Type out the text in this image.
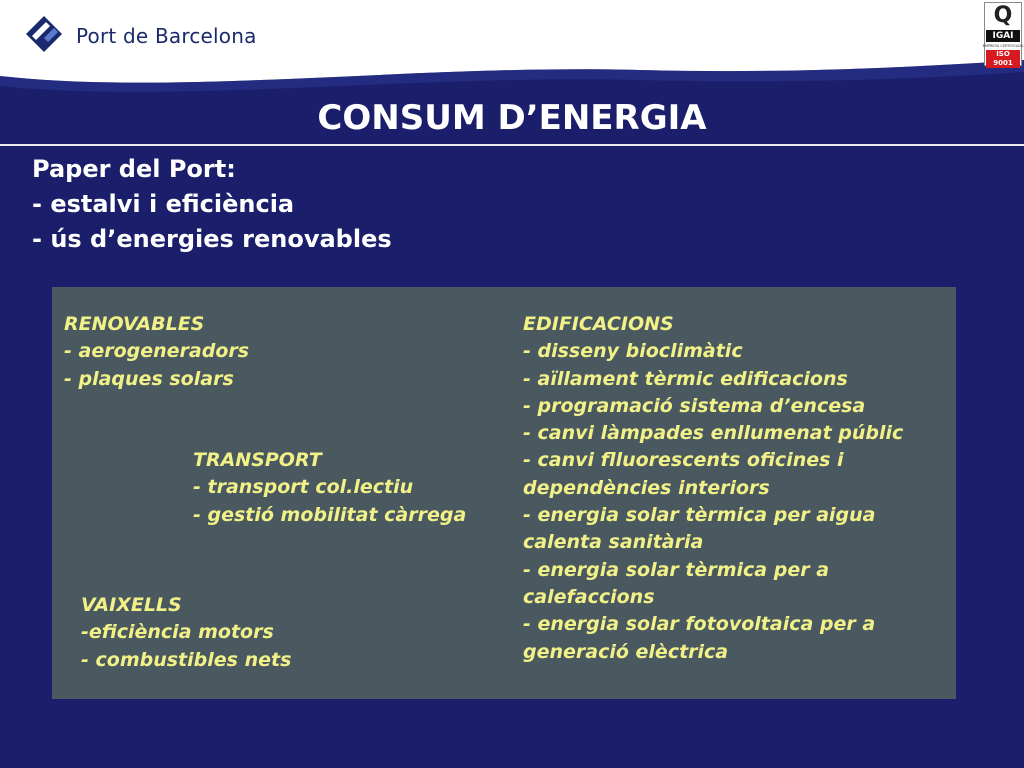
Port de Barcelona
Q
IGAI
EMPRESA CERTIFICADA
ISO 9001
CONSUM D’ENERGIA
Paper del Port:
- estalvi i eficiència
- ús d’energies renovables
RENOVABLES
- aerogeneradors
- plaques solars
TRANSPORT
- transport col.lectiu
- gestió mobilitat càrrega
VAIXELLS
-eficiència motors
- combustibles nets
EDIFICACIONS
- disseny bioclimàtic
- aïllament tèrmic edificacions
- programació sistema d’encesa
- canvi làmpades enllumenat públic
- canvi flluorescents oficines i
dependències interiors
- energia solar tèrmica per aigua
calenta sanitària
- energia solar tèrmica per a
calefaccions
- energia solar fotovoltaica per a
generació elèctrica
